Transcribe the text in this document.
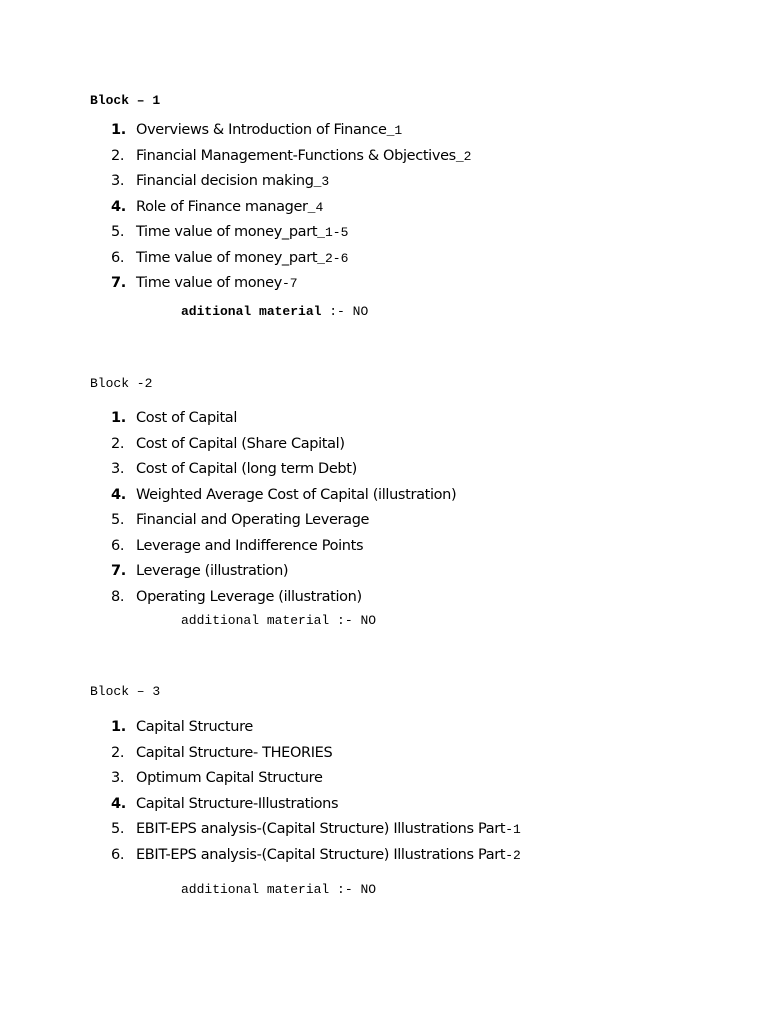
Block – 1
1. Overviews & Introduction of Finance_1
2. Financial Management-Functions & Objectives_2
3. Financial decision making_3
4. Role of Finance manager_4
5. Time value of money_part_1-5
6. Time value of money_part_2-6
7. Time value of money-7
aditional material :- NO
Block -2
1. Cost of Capital
2. Cost of Capital (Share Capital)
3. Cost of Capital (long term Debt)
4. Weighted Average Cost of Capital (illustration)
5. Financial and Operating Leverage
6. Leverage and Indifference Points
7. Leverage (illustration)
8. Operating Leverage (illustration)
additional material :- NO
Block – 3
1. Capital Structure
2. Capital Structure- THEORIES
3. Optimum Capital Structure
4. Capital Structure-Illustrations
5. EBIT-EPS analysis-(Capital Structure) Illustrations Part-1
6. EBIT-EPS analysis-(Capital Structure) Illustrations Part-2
additional material :- NO
